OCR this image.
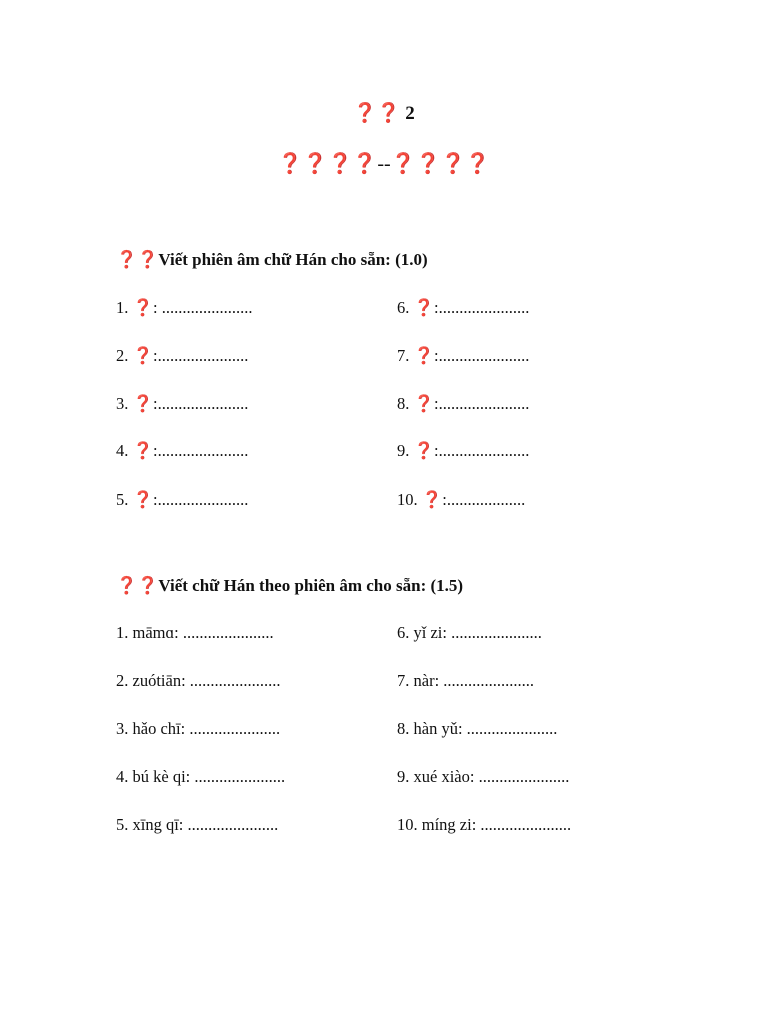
❓❓ 2
❓❓❓❓--❓❓❓❓
❓❓Viết phiên âm chữ Hán cho sẵn: (1.0)
1. ❓: ......................
2. ❓:......................
3. ❓:......................
4. ❓:......................
5. ❓:......................
6. ❓:......................
7. ❓:......................
8. ❓:......................
9. ❓:......................
10. ❓:...................
❓❓Viết chữ Hán theo phiên âm cho sẵn: (1.5)
1. māmɑ: ......................
2. zuótiān: ......................
3. hǎo chī: ......................
4. bú kè qi: ......................
5. xīng qī: ......................
6. yǐ zi: ......................
7. nàr: ......................
8. hàn yǔ: ......................
9. xué xiào: ......................
10. míng zi: ......................
